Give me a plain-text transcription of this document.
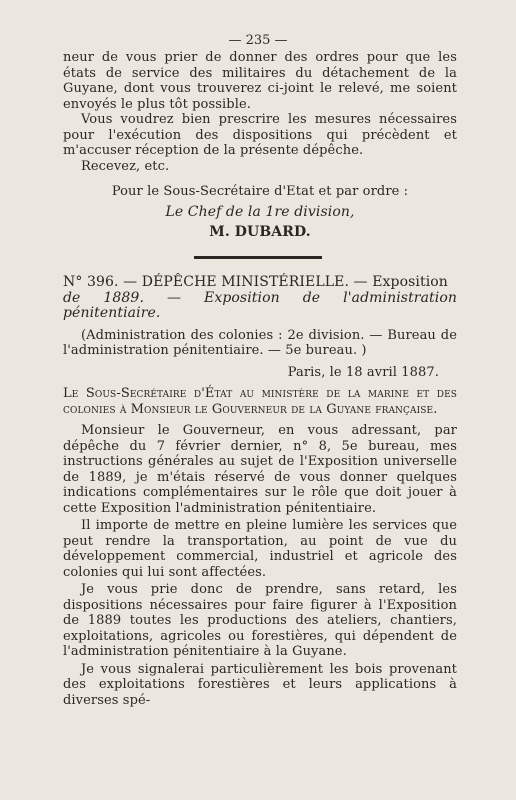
— 235 —

neur de vous prier de donner des ordres pour que les états de service des militaires du détachement de la Guyane, dont vous trouverez ci-joint le relevé, me soient envoyés le plus tôt possible.

Vous voudrez bien prescrire les mesures nécessaires pour l'exécution des dispositions qui précèdent et m'accuser réception de la présente dépêche.

Recevez, etc.

Pour le Sous-Secrétaire d'Etat et par ordre :

Le Chef de la 1re division,

M. DUBARD.

N° 396. — DÉPÊCHE MINISTÉRIELLE. — Exposition

de 1889. — Exposition de l'administration pénitentiaire.

(Administration des colonies : 2e division. — Bureau de l'administration pénitentiaire. — 5e bureau. )

Paris, le 18 avril 1887.

Le Sous-Secrétaire d'État au ministère de la marine et des colonies à Monsieur le Gouverneur de la Guyane française.

Monsieur le Gouverneur, en vous adressant, par dépêche du 7 février dernier, n° 8, 5e bureau, mes instructions générales au sujet de l'Exposition universelle de 1889, je m'étais réservé de vous donner quelques indications complémentaires sur le rôle que doit jouer à cette Exposition l'administration pénitentiaire.

Il importe de mettre en pleine lumière les services que peut rendre la transportation, au point de vue du développement commercial, industriel et agricole des colonies qui lui sont affectées.

Je vous prie donc de prendre, sans retard, les dispositions nécessaires pour faire figurer à l'Exposition de 1889 toutes les productions des ateliers, chantiers, exploitations, agricoles ou forestières, qui dépendent de l'administration pénitentiaire à la Guyane.

Je vous signalerai particulièrement les bois provenant des exploitations forestières et leurs applications à diverses spé-
